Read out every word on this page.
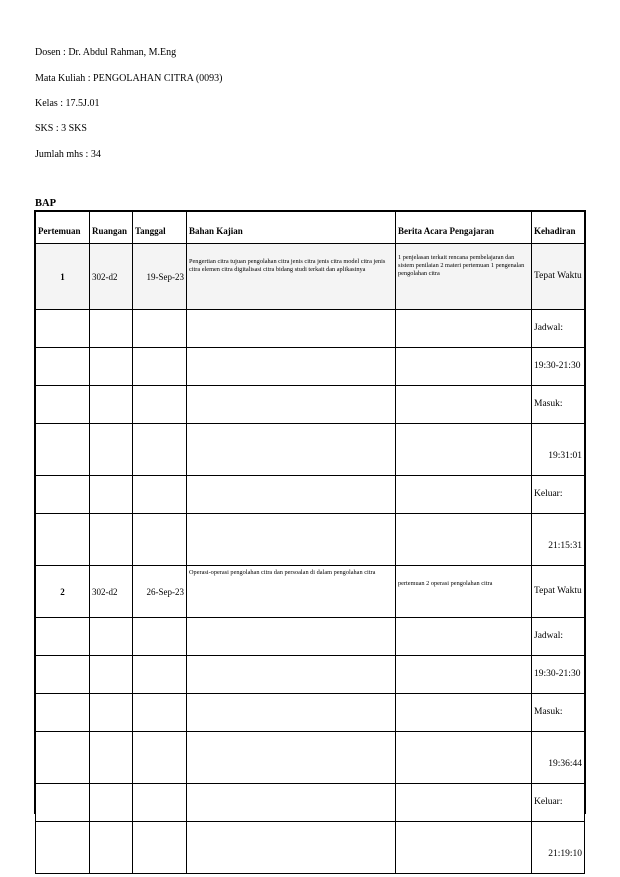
Dosen : Dr. Abdul Rahman, M.Eng
Mata Kuliah : PENGOLAHAN CITRA (0093)
Kelas : 17.5J.01
SKS : 3 SKS
Jumlah mhs : 34
BAP
Pertemuan	Ruangan	Tanggal	Bahan Kajian	Berita Acara Pengajaran	Kehadiran
1	302-d2	19-Sep-23	Pengertian citra tujuan pengolahan citra jenis citra jenis citra model citra jenis citra elemen citra digitalisasi citra bidang studi terkait dan aplikasinya	1 penjelasan terkait rencana pembelajaran dan sistem penilaian 2 materi pertemuan 1 pengenalan pengolahan citra	Tepat Waktu
					Jadwal:
					19:30-21:30
					Masuk:
					19:31:01
					Keluar:
					21:15:31
2	302-d2	26-Sep-23	Operasi-operasi pengolahan citra dan persoalan di dalam pengolahan citra	pertemuan 2 operasi pengolahan citra	Tepat Waktu
					Jadwal:
					19:30-21:30
					Masuk:
					19:36:44
					Keluar:
					21:19:10
